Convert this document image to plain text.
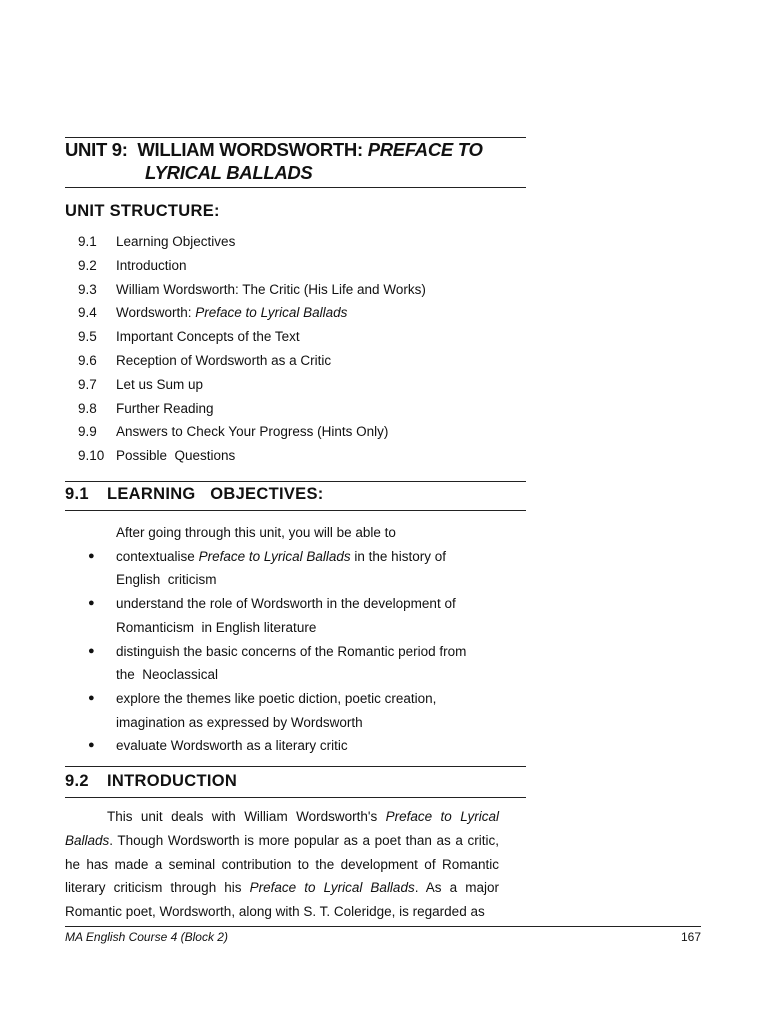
UNIT 9: WILLIAM WORDSWORTH: PREFACE TO
LYRICAL BALLADS
UNIT STRUCTURE:
9.1	Learning Objectives
9.2	Introduction
9.3	William Wordsworth: The Critic (His Life and Works)
9.4	Wordsworth: Preface to Lyrical Ballads
9.5	Important Concepts of the Text
9.6	Reception of Wordsworth as a Critic
9.7	Let us Sum up
9.8	Further Reading
9.9	Answers to Check Your Progress (Hints Only)
9.10 Possible  Questions
9.1 LEARNING   OBJECTIVES:
After going through this unit, you will be able to
● contextualise Preface to Lyrical Ballads in the history of
English  criticism
● understand the role of Wordsworth in the development of
Romanticism  in English literature
● distinguish the basic concerns of the Romantic period from
the  Neoclassical
● explore the themes like poetic diction, poetic creation,
imagination as expressed by Wordsworth
● evaluate Wordsworth as a literary critic
9.2 INTRODUCTION
This unit deals with William Wordsworth's Preface to Lyrical Ballads. Though Wordsworth is more popular as a poet than as a critic, he has made a seminal contribution to the development of Romantic literary criticism through his Preface to Lyrical Ballads. As a major Romantic poet, Wordsworth, along with S. T. Coleridge, is regarded as
MA English Course 4 (Block 2)	167
